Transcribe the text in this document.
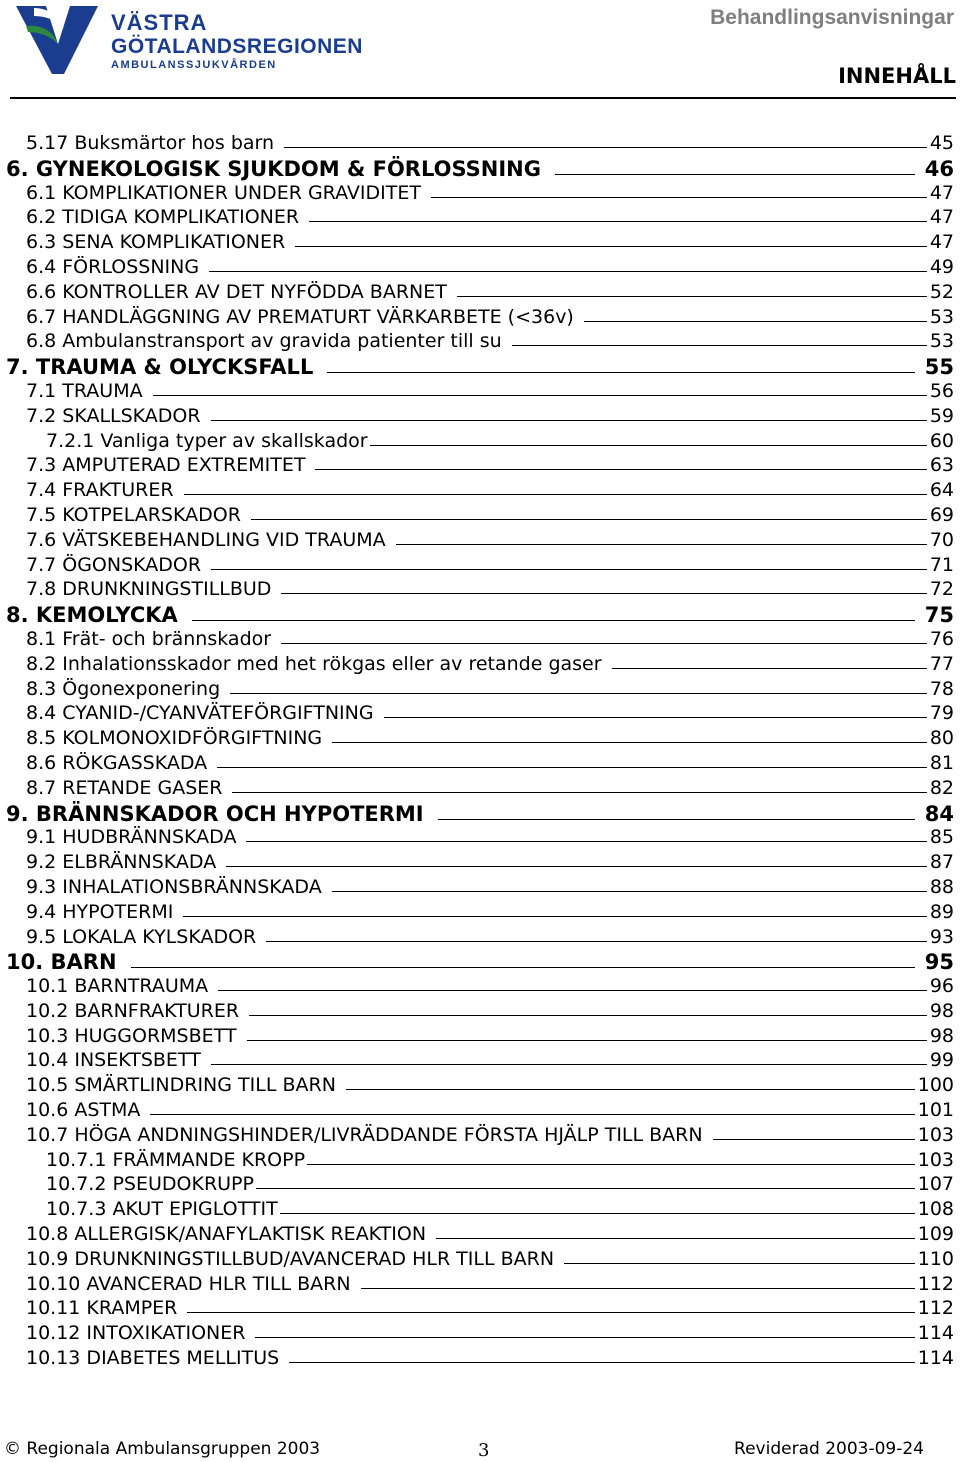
VÄSTRA
GÖTALANDSREGIONEN
AMBULANSSJUKVÅRDEN
Behandlingsanvisningar
INNEHÅLL
5.17 Buksmärtor hos barn	45
6. GYNEKOLOGISK SJUKDOM & FÖRLOSSNING	46
6.1 KOMPLIKATIONER UNDER GRAVIDITET	47
6.2 TIDIGA KOMPLIKATIONER	47
6.3 SENA KOMPLIKATIONER	47
6.4 FÖRLOSSNING	49
6.6 KONTROLLER AV DET NYFÖDDA BARNET	52
6.7 HANDLÄGGNING AV PREMATURT VÄRKARBETE (<36v)	53
6.8 Ambulanstransport av gravida patienter till su	53
7. TRAUMA & OLYCKSFALL	55
7.1 TRAUMA	56
7.2 SKALLSKADOR	59
7.2.1 Vanliga typer av skallskador	60
7.3 AMPUTERAD EXTREMITET	63
7.4 FRAKTURER	64
7.5 KOTPELARSKADOR	69
7.6 VÄTSKEBEHANDLING VID TRAUMA	70
7.7 ÖGONSKADOR	71
7.8 DRUNKNINGSTILLBUD	72
8. KEMOLYCKA	75
8.1 Frät- och brännskador	76
8.2 Inhalationsskador med het rökgas eller av retande gaser	77
8.3 Ögonexponering	78
8.4 CYANID-/CYANVÄTEFÖRGIFTNING	79
8.5 KOLMONOXIDFÖRGIFTNING	80
8.6 RÖKGASSKADA	81
8.7 RETANDE GASER	82
9. BRÄNNSKADOR OCH HYPOTERMI	84
9.1 HUDBRÄNNSKADA	85
9.2 ELBRÄNNSKADA	87
9.3 INHALATIONSBRÄNNSKADA	88
9.4 HYPOTERMI	89
9.5 LOKALA KYLSKADOR	93
10. BARN	95
10.1 BARNTRAUMA	96
10.2 BARNFRAKTURER	98
10.3 HUGGORMSBETT	98
10.4 INSEKTSBETT	99
10.5 SMÄRTLINDRING TILL BARN	100
10.6 ASTMA	101
10.7 HÖGA ANDNINGSHINDER/LIVRÄDDANDE FÖRSTA HJÄLP TILL BARN	103
10.7.1 FRÄMMANDE KROPP	103
10.7.2 PSEUDOKRUPP	107
10.7.3 AKUT EPIGLOTTIT	108
10.8 ALLERGISK/ANAFYLAKTISK REAKTION	109
10.9 DRUNKNINGSTILLBUD/AVANCERAD HLR TILL BARN	110
10.10 AVANCERAD HLR TILL BARN	112
10.11 KRAMPER	112
10.12 INTOXIKATIONER	114
10.13 DIABETES MELLITUS	114
© Regionala Ambulansgruppen 2003	3	Reviderad 2003-09-24
